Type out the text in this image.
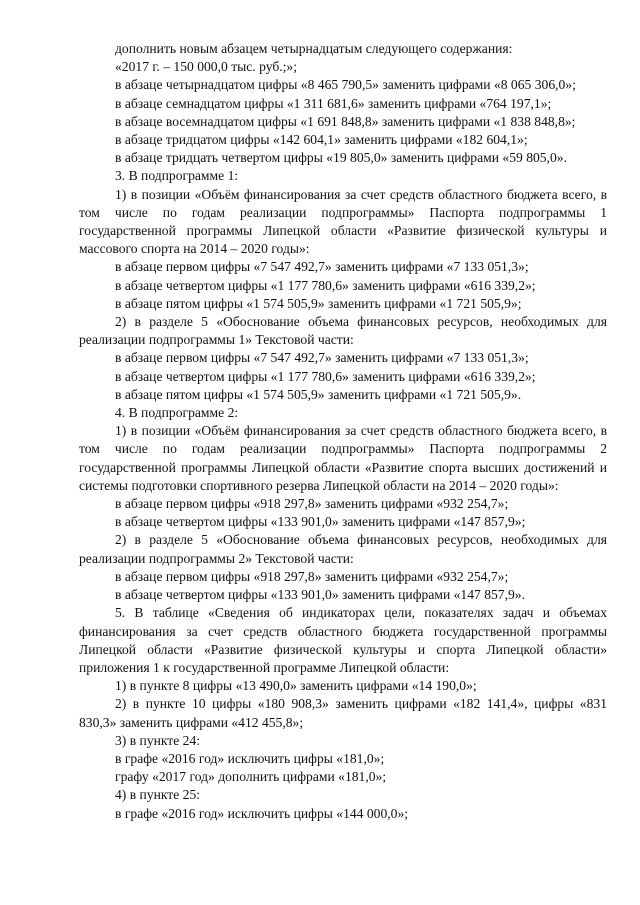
дополнить новым абзацем четырнадцатым следующего содержания:

«2017 г. – 150 000,0 тыс. руб.;»;

в абзаце четырнадцатом цифры «8 465 790,5» заменить цифрами «8 065 306,0»;

в абзаце семнадцатом цифры «1 311 681,6» заменить цифрами «764 197,1»;

в абзаце восемнадцатом цифры «1 691 848,8» заменить цифрами «1 838 848,8»;

в абзаце тридцатом цифры «142 604,1» заменить цифрами «182 604,1»;

в абзаце тридцать четвертом цифры «19 805,0» заменить цифрами «59 805,0».

3. В подпрограмме 1:

1) в позиции «Объём финансирования за счет средств областного бюджета всего, в том числе по годам реализации подпрограммы» Паспорта подпрограммы 1 государственной программы Липецкой области «Развитие физической культуры и массового спорта на 2014 – 2020 годы»:

в абзаце первом цифры «7 547 492,7» заменить цифрами «7 133 051,3»;

в абзаце четвертом цифры «1 177 780,6» заменить цифрами «616 339,2»;

в абзаце пятом цифры «1 574 505,9» заменить цифрами «1 721 505,9»;

2) в разделе 5 «Обоснование объема финансовых ресурсов, необходимых для реализации подпрограммы 1» Текстовой части:

в абзаце первом цифры «7 547 492,7» заменить цифрами «7 133 051,3»;

в абзаце четвертом цифры «1 177 780,6» заменить цифрами «616 339,2»;

в абзаце пятом цифры «1 574 505,9» заменить цифрами «1 721 505,9».

4. В подпрограмме 2:

1) в позиции «Объём финансирования за счет средств областного бюджета всего, в том числе по годам реализации подпрограммы» Паспорта подпрограммы 2 государственной программы Липецкой области «Развитие спорта высших достижений и системы подготовки спортивного резерва Липецкой области на 2014 – 2020 годы»:

в абзаце первом цифры «918 297,8» заменить цифрами «932 254,7»;

в абзаце четвертом цифры «133 901,0» заменить цифрами «147 857,9»;

2) в разделе 5 «Обоснование объема финансовых ресурсов, необходимых для реализации подпрограммы 2» Текстовой части:

в абзаце первом цифры «918 297,8» заменить цифрами «932 254,7»;

в абзаце четвертом цифры «133 901,0» заменить цифрами «147 857,9».

5. В таблице «Сведения об индикаторах цели, показателях задач и объемах финансирования за счет средств областного бюджета государственной программы Липецкой области «Развитие физической культуры и спорта Липецкой области» приложения 1 к государственной программе Липецкой области:

1) в пункте 8 цифры «13 490,0» заменить цифрами «14 190,0»;

2) в пункте 10 цифры «180 908,3» заменить цифрами «182 141,4», цифры «831 830,3» заменить цифрами «412 455,8»;

3) в пункте 24:

в графе «2016 год» исключить цифры «181,0»;

графу «2017 год» дополнить цифрами «181,0»;

4) в пункте 25:

в графе «2016 год» исключить цифры «144 000,0»;
